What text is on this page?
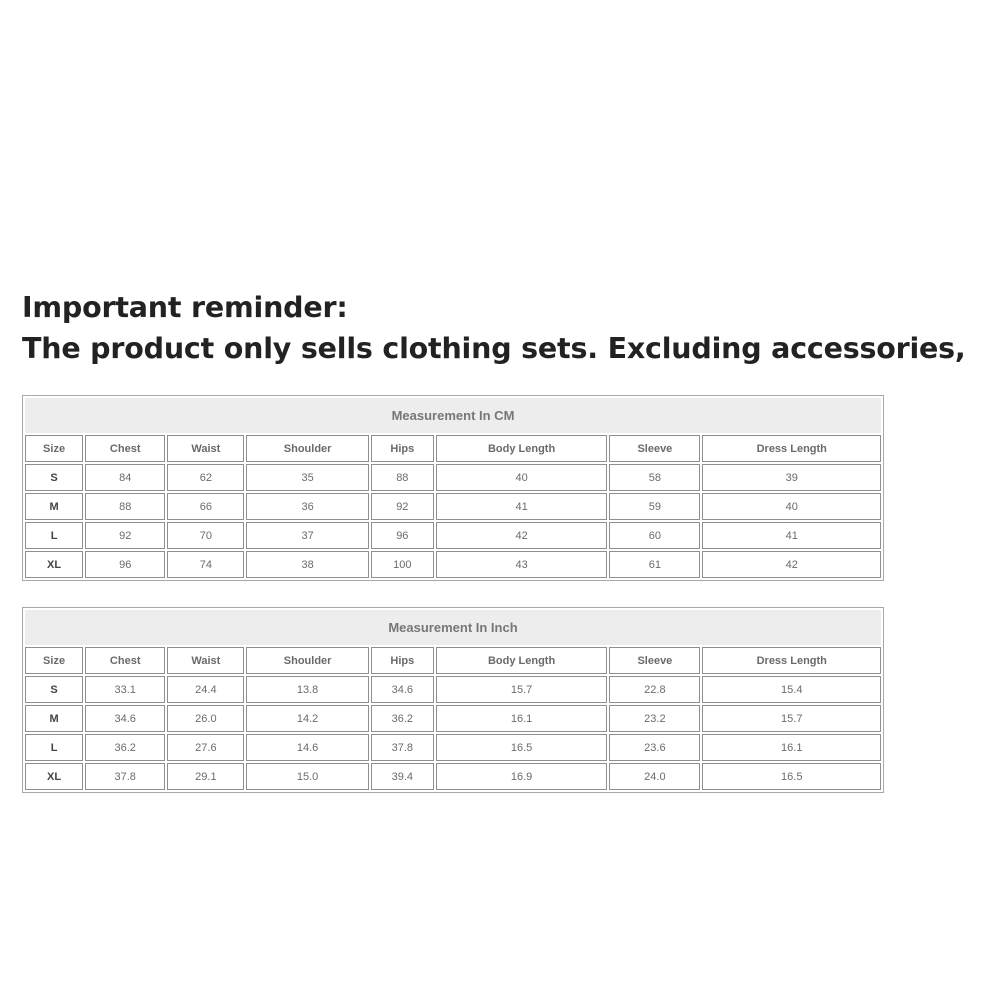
Important reminder:
The product only sells clothing sets. Excluding accessories,
Measurement In CM							
Size	Chest	Waist	Shoulder	Hips	Body Length	Sleeve	Dress Length
S	84	62	35	88	40	58	39
M	88	66	36	92	41	59	40
L	92	70	37	96	42	60	41
XL	96	74	38	100	43	61	42
Measurement In Inch							
Size	Chest	Waist	Shoulder	Hips	Body Length	Sleeve	Dress Length
S	33.1	24.4	13.8	34.6	15.7	22.8	15.4
M	34.6	26.0	14.2	36.2	16.1	23.2	15.7
L	36.2	27.6	14.6	37.8	16.5	23.6	16.1
XL	37.8	29.1	15.0	39.4	16.9	24.0	16.5
